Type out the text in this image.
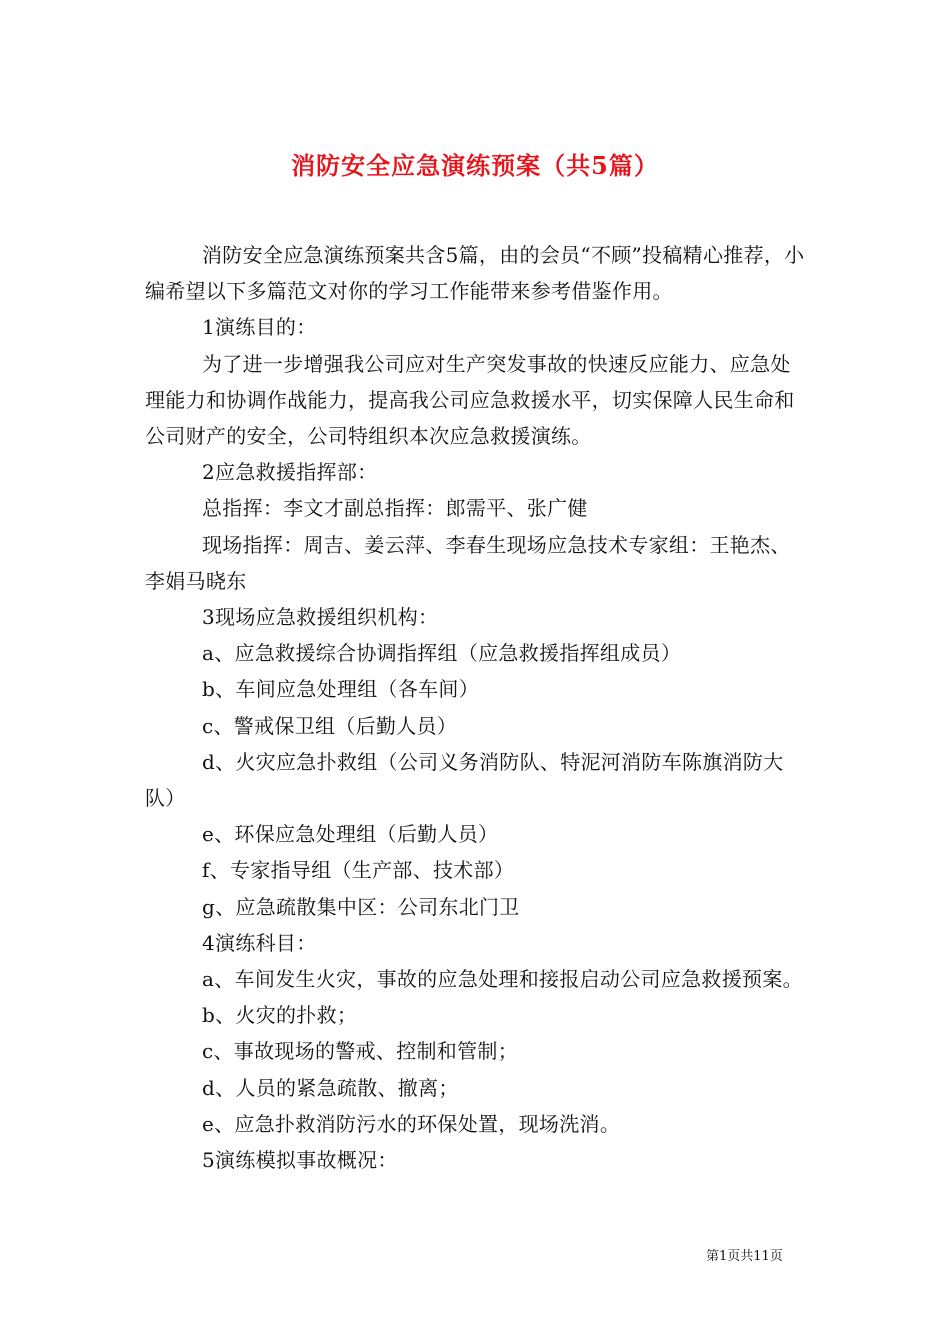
消防安全应急演练预案（共5篇）

消防安全应急演练预案共含5篇，由的会员“不顾”投稿精心推荐，小编希望以下多篇范文对你的学习工作能带来参考借鉴作用。

1演练目的：

为了进一步增强我公司应对生产突发事故的快速反应能力、应急处理能力和协调作战能力，提高我公司应急救援水平，切实保障人民生命和公司财产的安全，公司特组织本次应急救援演练。

2应急救援指挥部：

总指挥：李文才副总指挥：郎需平、张广健

现场指挥：周吉、姜云萍、李春生现场应急技术专家组：王艳杰、李娟马晓东

3现场应急救援组织机构：

a、应急救援综合协调指挥组（应急救援指挥组成员）

b、车间应急处理组（各车间）

c、警戒保卫组（后勤人员）

d、火灾应急扑救组（公司义务消防队、特泥河消防车陈旗消防大队）

e、环保应急处理组（后勤人员）

f、专家指导组（生产部、技术部）

g、应急疏散集中区：公司东北门卫

4演练科目：

a、车间发生火灾，事故的应急处理和接报启动公司应急救援预案。

b、火灾的扑救；

c、事故现场的警戒、控制和管制；

d、人员的紧急疏散、撤离；

e、应急扑救消防污水的环保处置，现场洗消。

5演练模拟事故概况：

第1页共11页
